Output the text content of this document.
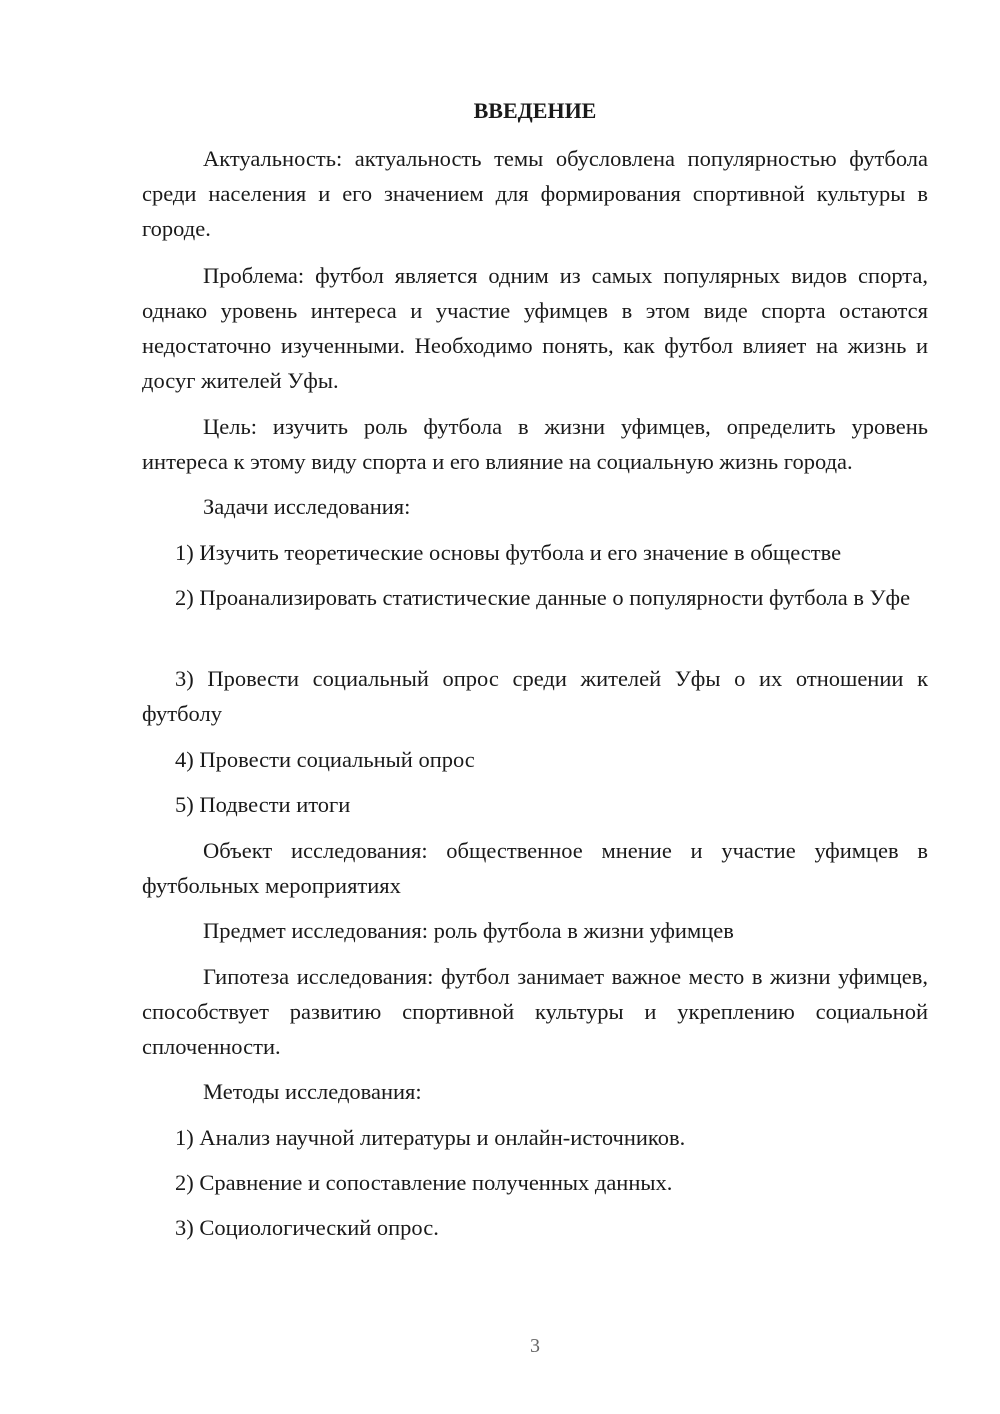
ВВЕДЕНИЕ

Актуальность: актуальность темы обусловлена популярностью футбола среди населения и его значением для формирования спортивной культуры в городе.

Проблема: футбол является одним из самых популярных видов спорта, однако уровень интереса и участие уфимцев в этом виде спорта остаются недостаточно изученными. Необходимо понять, как футбол влияет на жизнь и досуг жителей Уфы.

Цель: изучить роль футбола в жизни уфимцев, определить уровень интереса к этому виду спорта и его влияние на социальную жизнь города.

Задачи исследования:

1) Изучить теоретические основы футбола и его значение в обществе

2) Проанализировать статистические данные о популярности футбола в Уфе

3) Провести социальный опрос среди жителей Уфы о их отношении к футболу

4) Провести социальный опрос

5) Подвести итоги

Объект исследования: общественное мнение и участие уфимцев в футбольных мероприятиях

Предмет исследования: роль футбола в жизни уфимцев

Гипотеза исследования: футбол занимает важное место в жизни уфимцев, способствует развитию спортивной культуры и укреплению социальной сплоченности.

Методы исследования:

1) Анализ научной литературы и онлайн-источников.

2) Сравнение и сопоставление полученных данных.

3) Социологический опрос.

3
